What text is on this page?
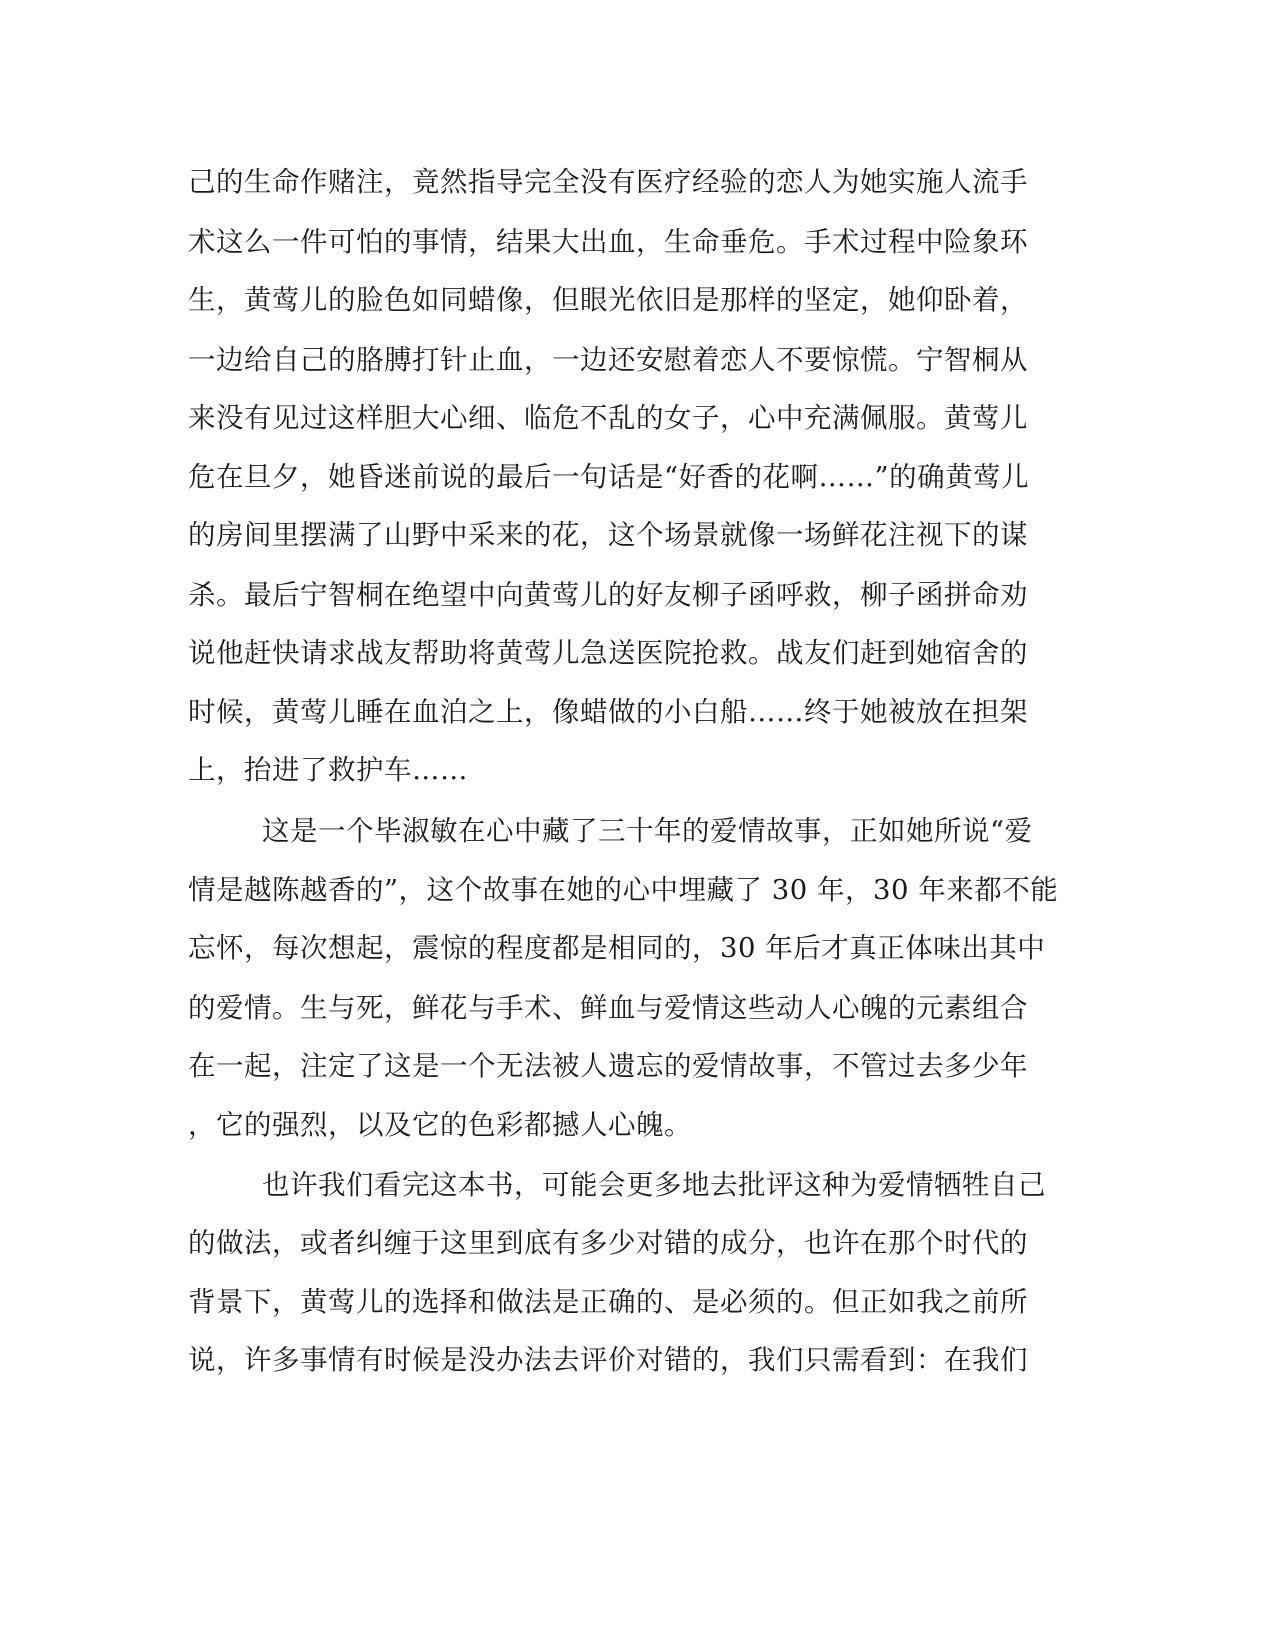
己的生命作赌注，竟然指导完全没有医疗经验的恋人为她实施人流手
术这么一件可怕的事情，结果大出血，生命垂危。手术过程中险象环
生，黄莺儿的脸色如同蜡像，但眼光依旧是那样的坚定，她仰卧着，
一边给自己的胳膊打针止血，一边还安慰着恋人不要惊慌。宁智桐从
来没有见过这样胆大心细、临危不乱的女子，心中充满佩服。黄莺儿
危在旦夕，她昏迷前说的最后一句话是“好香的花啊……”的确黄莺儿
的房间里摆满了山野中采来的花，这个场景就像一场鲜花注视下的谋
杀。最后宁智桐在绝望中向黄莺儿的好友柳子函呼救，柳子函拼命劝
说他赶快请求战友帮助将黄莺儿急送医院抢救。战友们赶到她宿舍的
时候，黄莺儿睡在血泊之上，像蜡做的小白船……终于她被放在担架
上，抬进了救护车……
这是一个毕淑敏在心中藏了三十年的爱情故事，正如她所说“爱
情是越陈越香的”，这个故事在她的心中埋藏了 30 年，30 年来都不能
忘怀，每次想起，震惊的程度都是相同的，30 年后才真正体味出其中
的爱情。生与死，鲜花与手术、鲜血与爱情这些动人心魄的元素组合
在一起，注定了这是一个无法被人遗忘的爱情故事，不管过去多少年
，它的强烈，以及它的色彩都撼人心魄。
也许我们看完这本书，可能会更多地去批评这种为爱情牺牲自己
的做法，或者纠缠于这里到底有多少对错的成分，也许在那个时代的
背景下，黄莺儿的选择和做法是正确的、是必须的。但正如我之前所
说，许多事情有时候是没办法去评价对错的，我们只需看到：在我们
